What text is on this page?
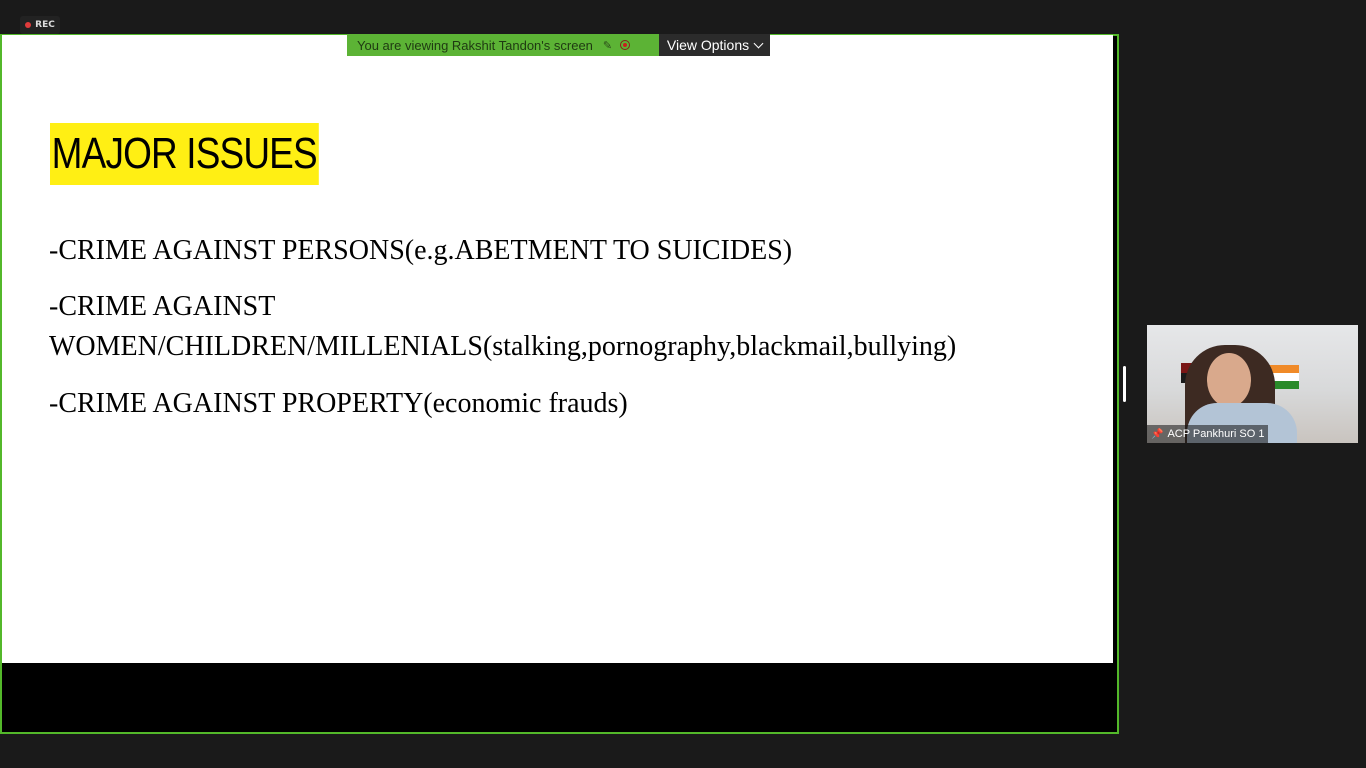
REC
MAJOR ISSUES
-CRIME AGAINST PERSONS(e.g.ABETMENT TO SUICIDES)
-CRIME AGAINST
WOMEN/CHILDREN/MILLENIALS(stalking,pornography,blackmail,bullying)
-CRIME AGAINST PROPERTY(economic frauds)
You are viewing Rakshit Tandon's screen ✎	View Options
📌 ACP Pankhuri SO 1
